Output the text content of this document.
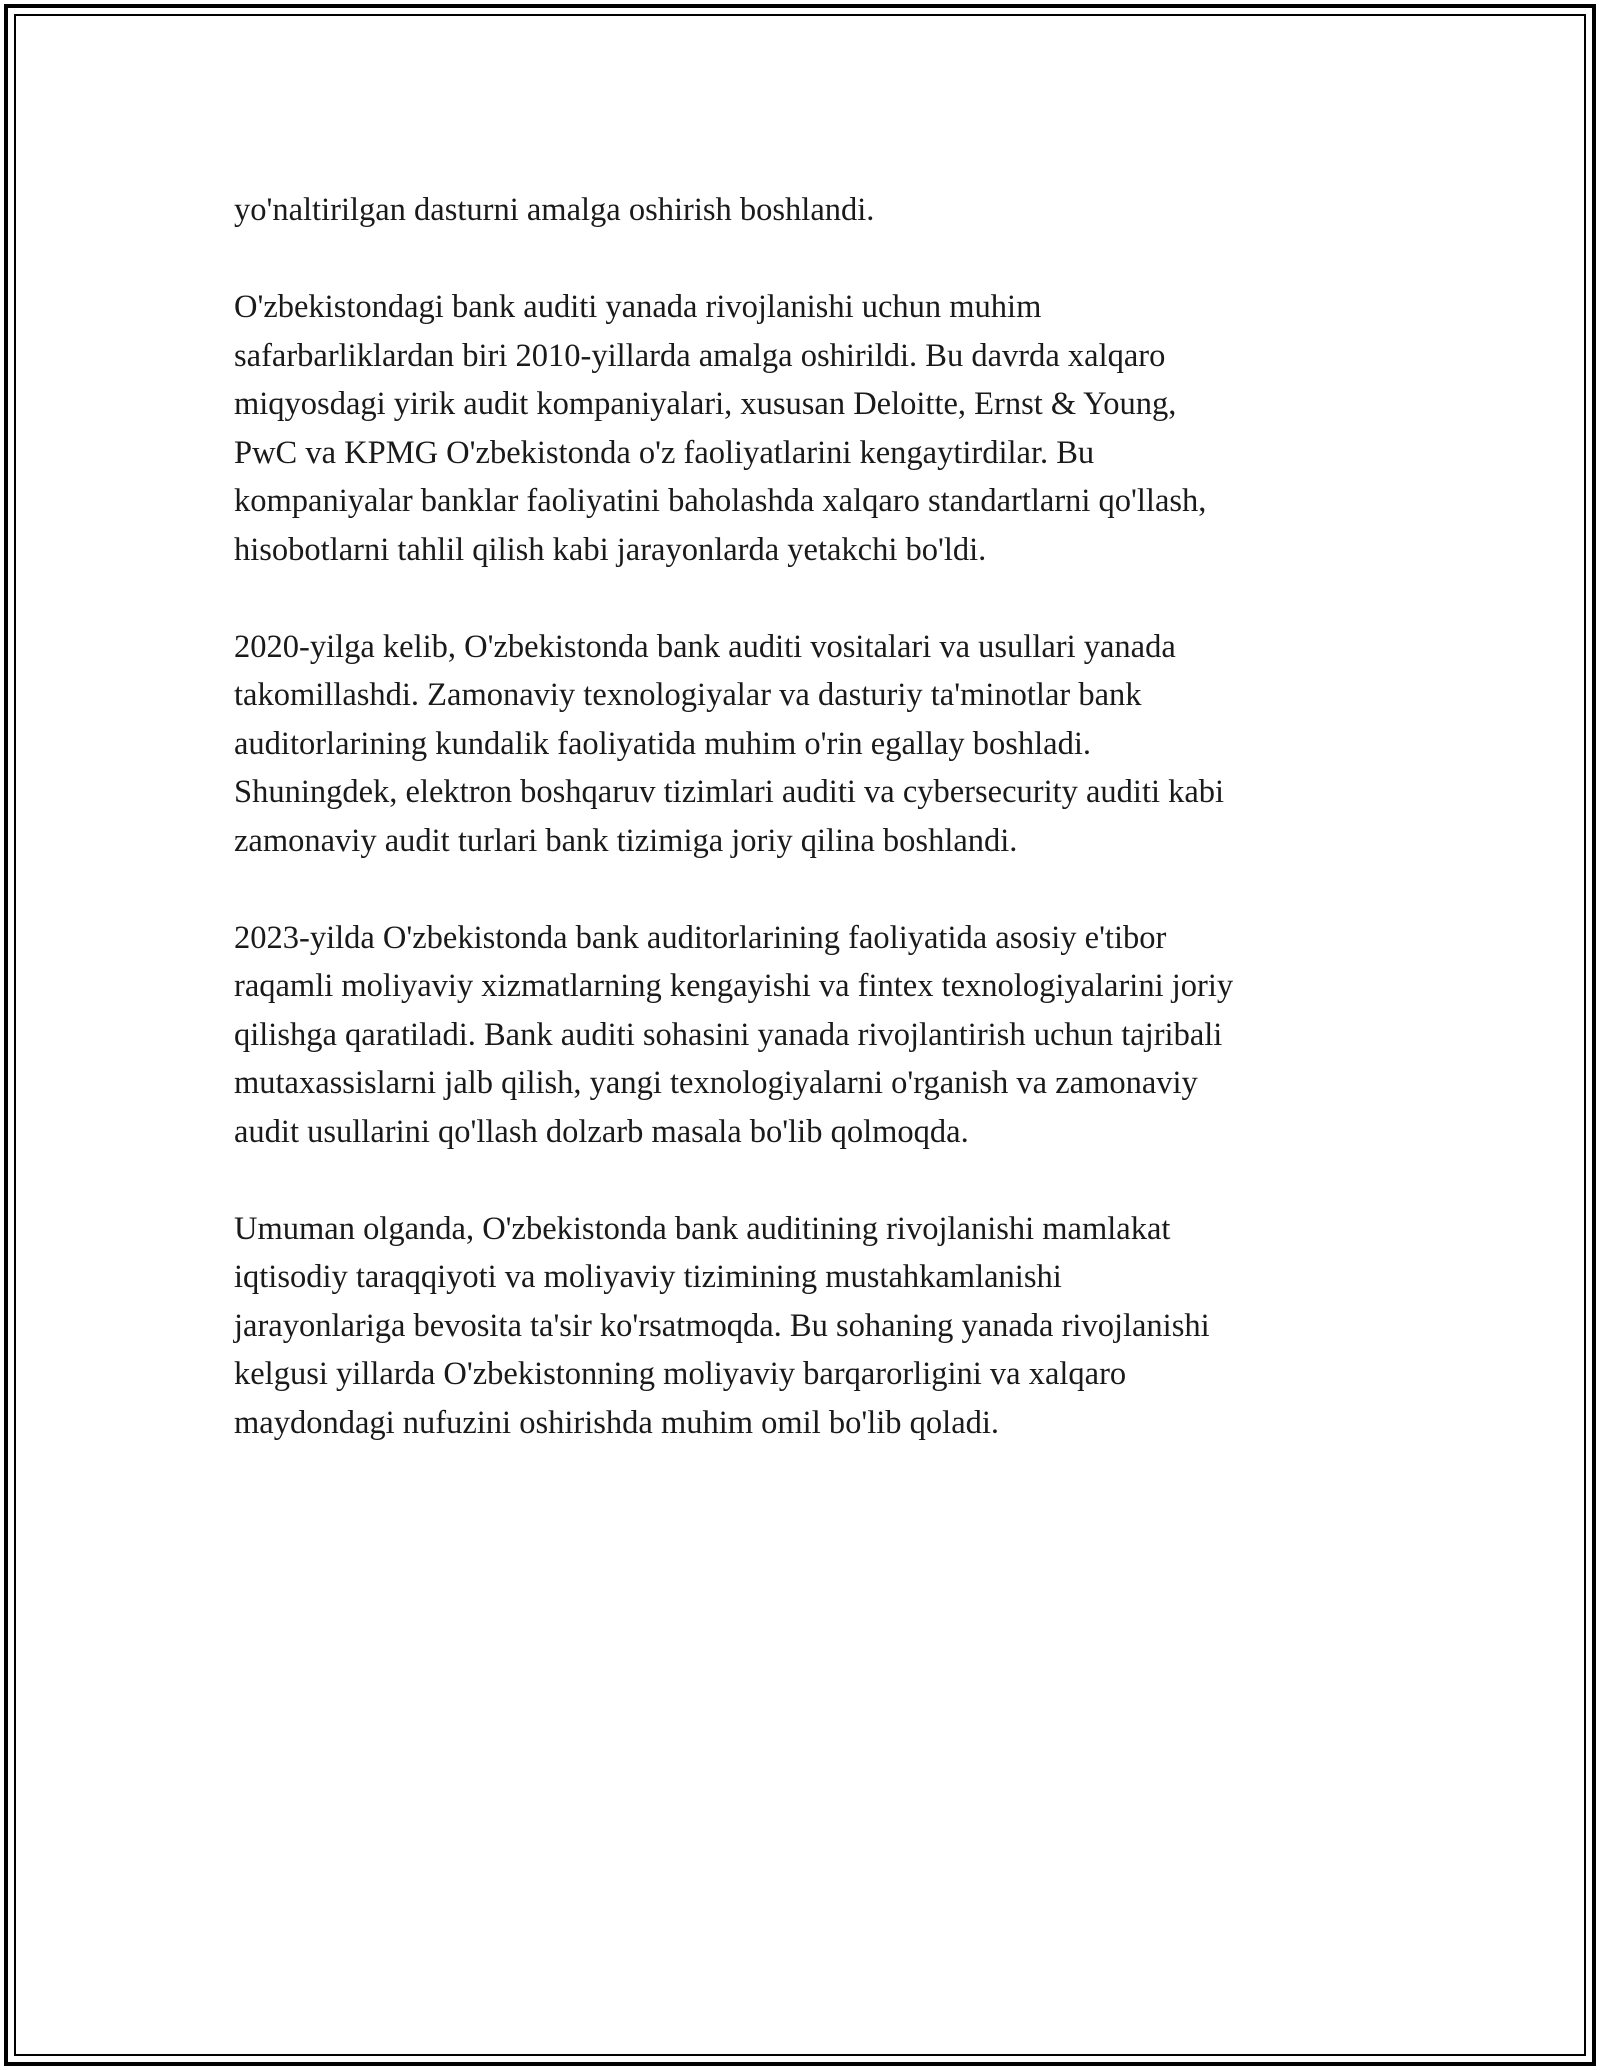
yo'naltirilgan dasturni amalga oshirish boshlandi.

O'zbekistondagi bank auditi yanada rivojlanishi uchun muhim
safarbarliklardan biri 2010-yillarda amalga oshirildi. Bu davrda xalqaro
miqyosdagi yirik audit kompaniyalari, xususan Deloitte, Ernst & Young,
PwC va KPMG O'zbekistonda o'z faoliyatlarini kengaytirdilar. Bu
kompaniyalar banklar faoliyatini baholashda xalqaro standartlarni qo'llash,
hisobotlarni tahlil qilish kabi jarayonlarda yetakchi bo'ldi.

2020-yilga kelib, O'zbekistonda bank auditi vositalari va usullari yanada
takomillashdi. Zamonaviy texnologiyalar va dasturiy ta'minotlar bank
auditorlarining kundalik faoliyatida muhim o'rin egallay boshladi.
Shuningdek, elektron boshqaruv tizimlari auditi va cybersecurity auditi kabi
zamonaviy audit turlari bank tizimiga joriy qilina boshlandi.

2023-yilda O'zbekistonda bank auditorlarining faoliyatida asosiy e'tibor
raqamli moliyaviy xizmatlarning kengayishi va fintex texnologiyalarini joriy
qilishga qaratiladi. Bank auditi sohasini yanada rivojlantirish uchun tajribali
mutaxassislarni jalb qilish, yangi texnologiyalarni o'rganish va zamonaviy
audit usullarini qo'llash dolzarb masala bo'lib qolmoqda.

Umuman olganda, O'zbekistonda bank auditining rivojlanishi mamlakat
iqtisodiy taraqqiyoti va moliyaviy tizimining mustahkamlanishi
jarayonlariga bevosita ta'sir ko'rsatmoqda. Bu sohaning yanada rivojlanishi
kelgusi yillarda O'zbekistonning moliyaviy barqarorligini va xalqaro
maydondagi nufuzini oshirishda muhim omil bo'lib qoladi.
